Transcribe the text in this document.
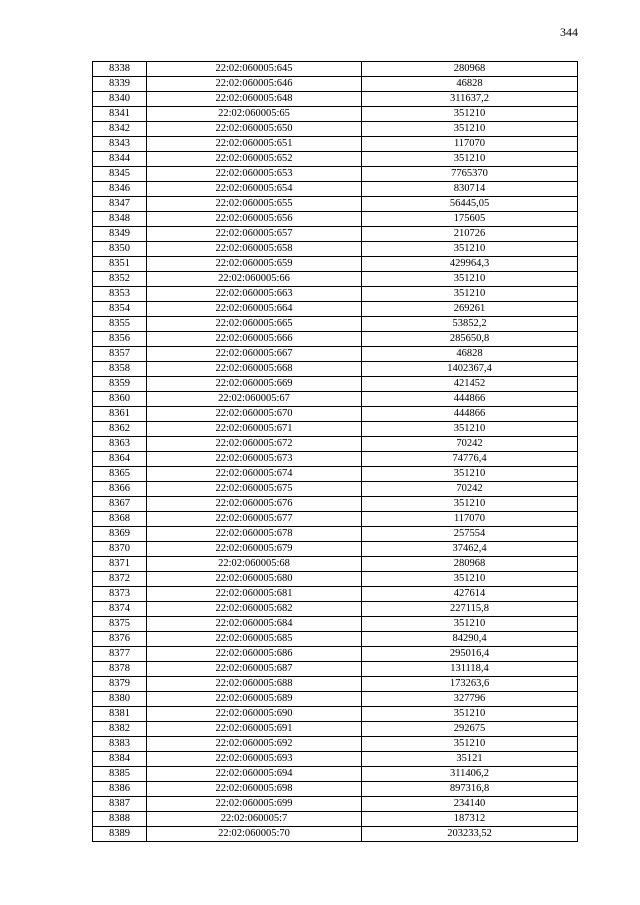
344
8338	22:02:060005:645	280968
8339	22:02:060005:646	46828
8340	22:02:060005:648	311637,2
8341	22:02:060005:65	351210
8342	22:02:060005:650	351210
8343	22:02:060005:651	117070
8344	22:02:060005:652	351210
8345	22:02:060005:653	7765370
8346	22:02:060005:654	830714
8347	22:02:060005:655	56445,05
8348	22:02:060005:656	175605
8349	22:02:060005:657	210726
8350	22:02:060005:658	351210
8351	22:02:060005:659	429964,3
8352	22:02:060005:66	351210
8353	22:02:060005:663	351210
8354	22:02:060005:664	269261
8355	22:02:060005:665	53852,2
8356	22:02:060005:666	285650,8
8357	22:02:060005:667	46828
8358	22:02:060005:668	1402367,4
8359	22:02:060005:669	421452
8360	22:02:060005:67	444866
8361	22:02:060005:670	444866
8362	22:02:060005:671	351210
8363	22:02:060005:672	70242
8364	22:02:060005:673	74776,4
8365	22:02:060005:674	351210
8366	22:02:060005:675	70242
8367	22:02:060005:676	351210
8368	22:02:060005:677	117070
8369	22:02:060005:678	257554
8370	22:02:060005:679	37462,4
8371	22:02:060005:68	280968
8372	22:02:060005:680	351210
8373	22:02:060005:681	427614
8374	22:02:060005:682	227115,8
8375	22:02:060005:684	351210
8376	22:02:060005:685	84290,4
8377	22:02:060005:686	295016,4
8378	22:02:060005:687	131118,4
8379	22:02:060005:688	173263,6
8380	22:02:060005:689	327796
8381	22:02:060005:690	351210
8382	22:02:060005:691	292675
8383	22:02:060005:692	351210
8384	22:02:060005:693	35121
8385	22:02:060005:694	311406,2
8386	22:02:060005:698	897316,8
8387	22:02:060005:699	234140
8388	22:02:060005:7	187312
8389	22:02:060005:70	203233,52
